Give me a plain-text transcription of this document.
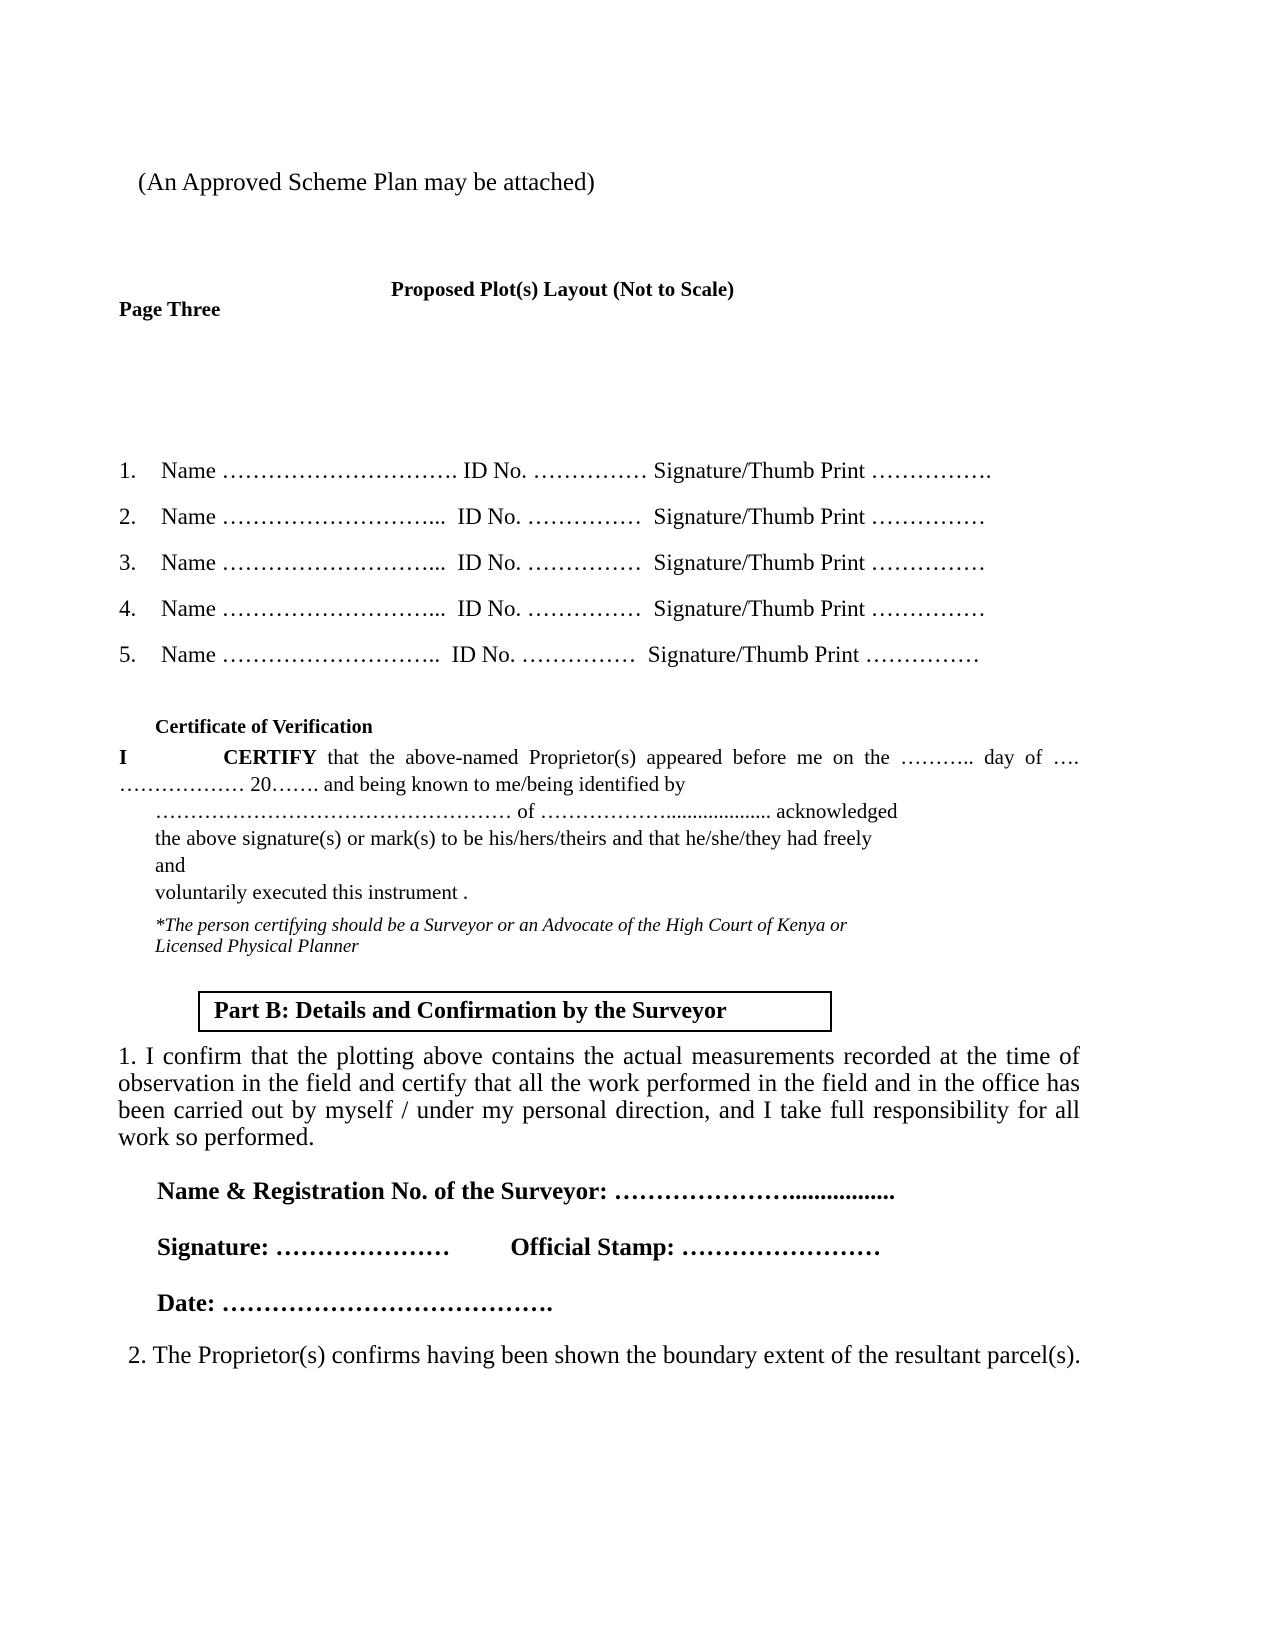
(An Approved Scheme Plan may be attached)
Proposed Plot(s) Layout (Not to Scale)
Page Three
1.	Name …………………………. ID No. …………… Signature/Thumb Print …………….
2.	Name ………………………...  ID No. ……………  Signature/Thumb Print ……………
3.	Name ………………………...  ID No. ……………  Signature/Thumb Print ……………
4.	Name ………………………...  ID No. ……………  Signature/Thumb Print ……………
5.	Name ………………………..  ID No. ……………  Signature/Thumb Print ……………
Certificate of Verification
I	CERTIFY that the above-named Proprietor(s) appeared before me on the ……….. day of ….
……………… 20……. and being known to me/being identified by
…………………………………………… of ……………….................... acknowledged
the above signature(s) or mark(s) to be his/hers/theirs and that he/she/they had freely and
voluntarily executed this instrument .
*The person certifying should be a Surveyor or an Advocate of the High Court of Kenya or Licensed Physical Planner
Part B: Details and Confirmation by the Surveyor
1. I confirm that the plotting above contains the actual measurements recorded at the time of observation in the field and certify that all the work performed in the field and in the office has been carried out by myself / under my personal direction, and I take full responsibility for all work so performed.
Name & Registration No. of the Surveyor: ………………….................
Signature: ………………… Official Stamp: ……………………
Date: ………………………………….
2. The Proprietor(s) confirms having been shown the boundary extent of the resultant parcel(s).
